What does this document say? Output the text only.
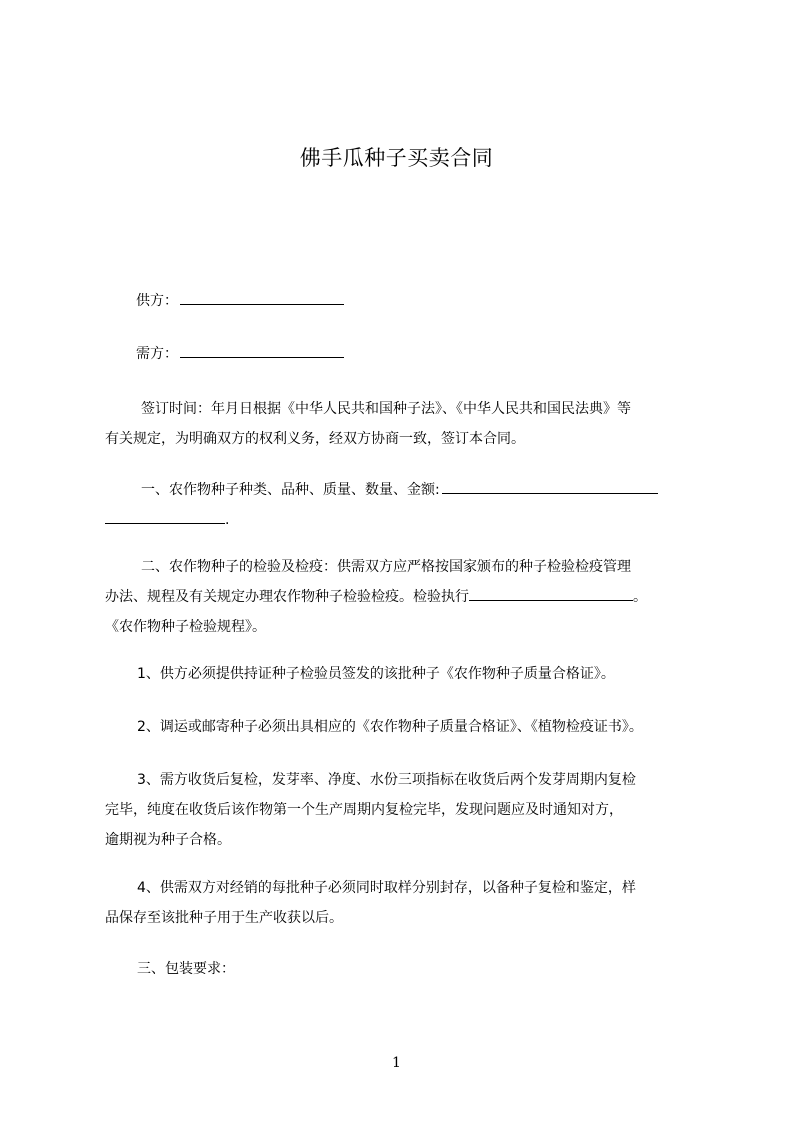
佛手瓜种子买卖合同
供方：
需方：
签订时间：年月日根据《中华人民共和国种子法》、《中华人民共和国民法典》等
有关规定，为明确双方的权利义务，经双方协商一致，签订本合同。
一、农作物种子种类、品种、质量、数量、金额:
.
二、农作物种子的检验及检疫：供需双方应严格按国家颁布的种子检验检疫管理
办法、规程及有关规定办理农作物种子检验检疫。检验执行	。
《农作物种子检验规程》。
1、供方必须提供持证种子检验员签发的该批种子《农作物种子质量合格证》。
2、调运或邮寄种子必须出具相应的《农作物种子质量合格证》、《植物检疫证书》。
3、需方收货后复检，发芽率、净度、水份三项指标在收货后两个发芽周期内复检
完毕，纯度在收货后该作物第一个生产周期内复检完毕，发现问题应及时通知对方，
逾期视为种子合格。
4、供需双方对经销的每批种子必须同时取样分别封存，以备种子复检和鉴定，样
品保存至该批种子用于生产收获以后。
三、包装要求：
1
